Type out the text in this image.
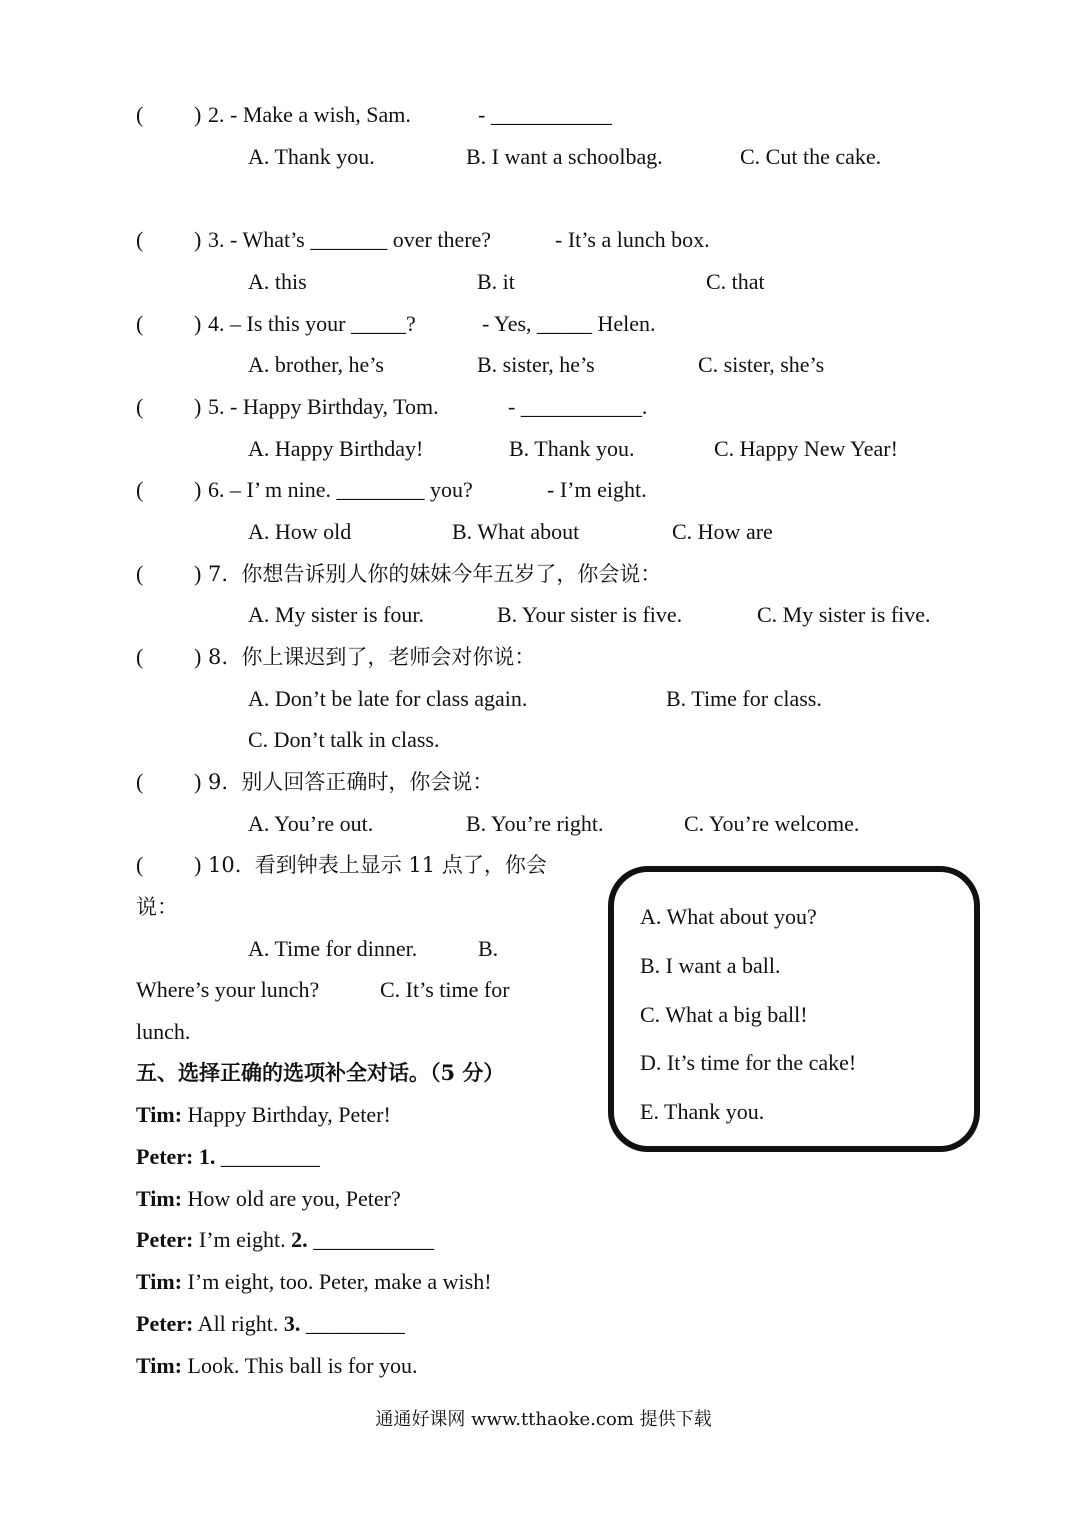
( ) 2. - Make a wish, Sam.	- ___________
A. Thank you.	B. I want a schoolbag.	C. Cut the cake.
( ) 3. - What’s _______ over there?	- It’s a lunch box.
A. this	B. it	C. that
( ) 4. – Is this your _____?	- Yes, _____ Helen.
A. brother, he’s	B. sister, he’s	C. sister, she’s
( ) 5. - Happy Birthday, Tom.	- ___________.
A. Happy Birthday!	B. Thank you.	C. Happy New Year!
( ) 6. – I’ m nine. ________ you?	- I’m eight.
A. How old	B. What about	C. How are
( ) 7.  你想告诉别人你的妹妹今年五岁了，你会说：
A. My sister is four.	B. Your sister is five.	C. My sister is five.
( ) 8.  你上课迟到了，老师会对你说：
A. Don’t be late for class again.	B. Time for class.
C. Don’t talk in class.
( ) 9.  别人回答正确时，你会说：
A. You’re out.	B. You’re right.	C. You’re welcome.
( ) 10.  看到钟表上显示 11 点了，你会
说：
A. Time for dinner.	B.
Where’s your lunch?	C. It’s time for
lunch.
五、选择正确的选项补全对话。（5 分）
Tim: Happy Birthday, Peter!
Peter: 1. _________
Tim: How old are you, Peter?
Peter: I’m eight. 2. ___________
Tim: I’m eight, too. Peter, make a wish!
Peter: All right. 3. _________
Tim: Look. This ball is for you.
A. What about you?
B. I want a ball.
C. What a big ball!
D. It’s time for the cake!
E. Thank you.
通通好课网 www.tthaoke.com 提供下载
